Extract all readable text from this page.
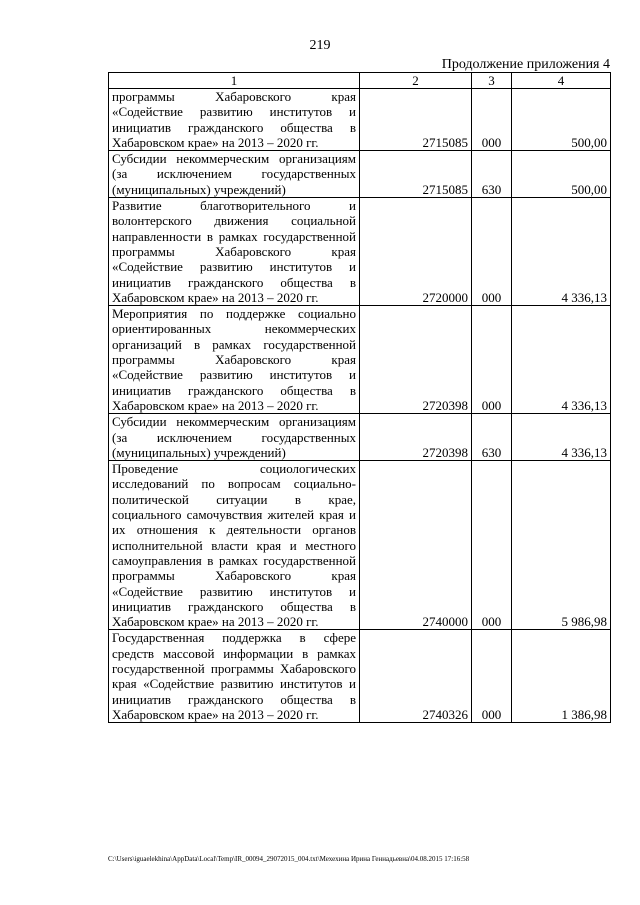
219
Продолжение приложения 4
1	2	3	4
программы Хабаровского края «Содействие развитию институтов и инициатив гражданского общества в Хабаровском крае» на 2013 – 2020 гг.	2715085	000	500,00
Субсидии некоммерческим организациям (за исключением государственных (муниципальных) учреждений)	2715085	630	500,00
Развитие благотворительного и волонтерского движения социальной направленности в рамках государственной программы Хабаровского края «Содействие развитию институтов и инициатив гражданского общества в Хабаровском крае» на 2013 – 2020 гг.	2720000	000	4 336,13
Мероприятия по поддержке социально ориентированных некоммерческих организаций в рамках государственной программы Хабаровского края «Содействие развитию институтов и инициатив гражданского общества в Хабаровском крае» на 2013 – 2020 гг.	2720398	000	4 336,13
Субсидии некоммерческим организациям (за исключением государственных (муниципальных) учреждений)	2720398	630	4 336,13
Проведение социологических исследований по вопросам социально-политической ситуации в крае, социального самочувствия жителей края и их отношения к деятельности органов исполнительной власти края и местного самоуправления в рамках государственной программы Хабаровского края «Содействие развитию институтов и инициатив гражданского общества в Хабаровском крае» на 2013 – 2020 гг.	2740000	000	5 986,98
Государственная поддержка в сфере средств массовой информации в рамках государственной программы Хабаровского края «Содействие развитию институтов и инициатив гражданского общества в Хабаровском крае» на 2013 – 2020 гг.	2740326	000	1 386,98
C:\Users\iguaelekhina\AppData\Local\Temp\IR_00094_29072015_004.txt\Мехехина Ирина Геннадьевна\04.08.2015 17:16:58
